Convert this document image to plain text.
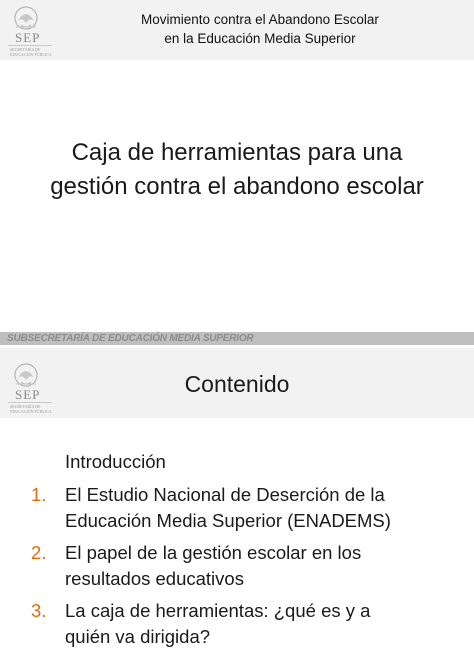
SEP
SECRETARÍA DE
EDUCACIÓN PÚBLICA
Movimiento contra el Abandono Escolar
en la Educación Media Superior
Caja de herramientas para una
gestión contra el abandono escolar
SUBSECRETARÍA DE EDUCACIÓN MEDIA SUPERIOR
SEP
SECRETARÍA DE
EDUCACIÓN PÚBLICA
Contenido
Introducción
1. El Estudio Nacional de Deserción de la
Educación Media Superior (ENADEMS)
2. El papel de la gestión escolar en los
resultados educativos
3. La caja de herramientas: ¿qué es y a
quién va dirigida?
